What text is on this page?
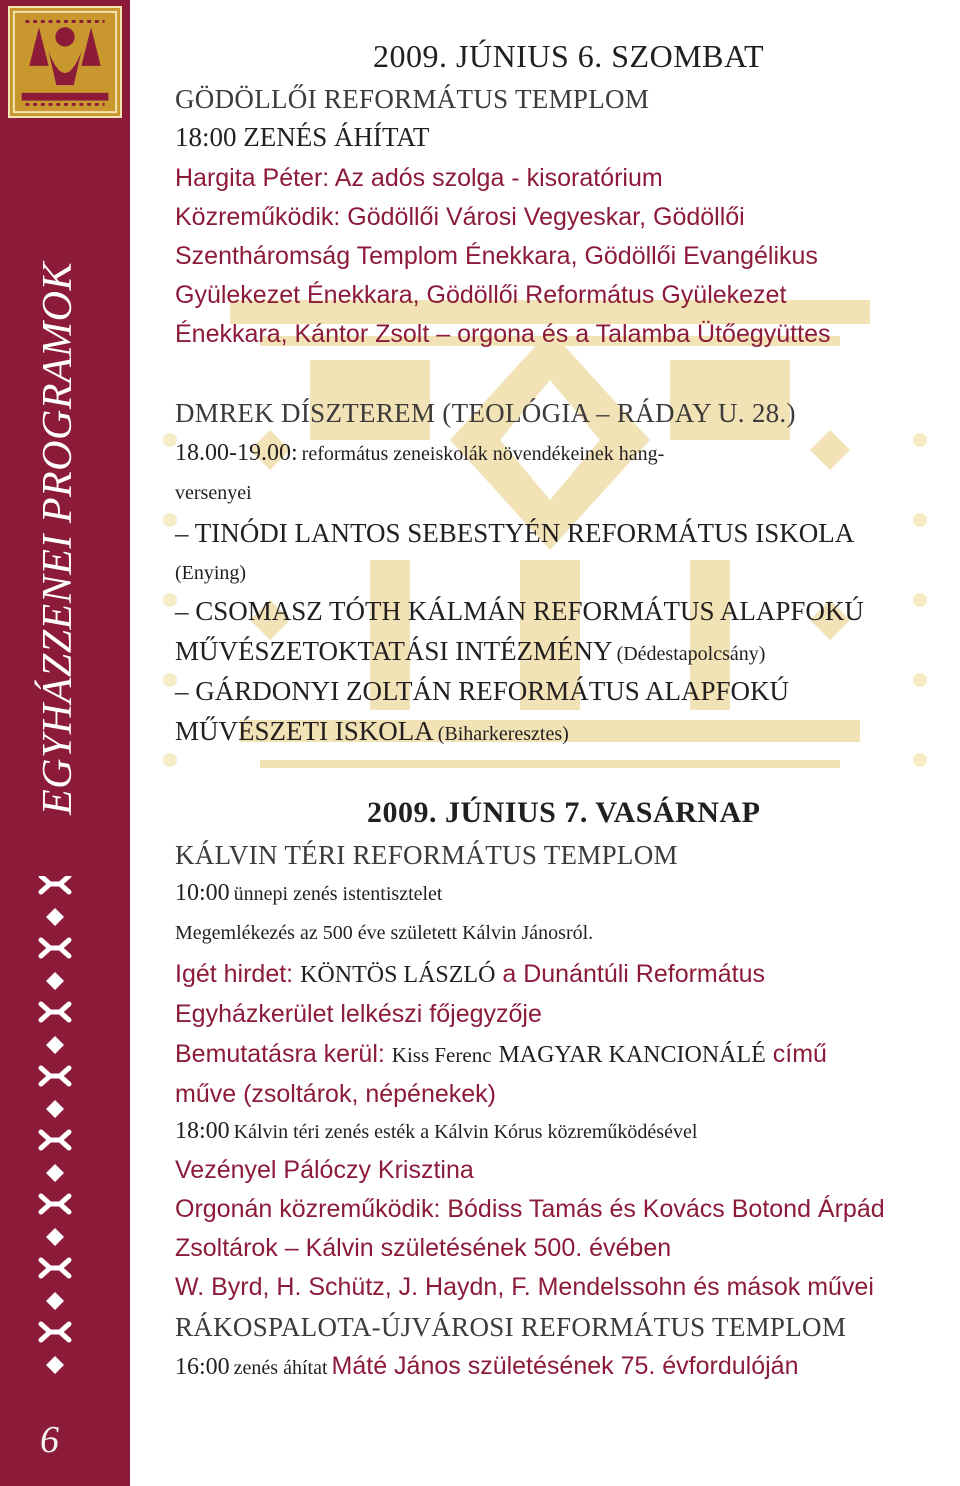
EGYHÁZZENEI PROGRAMOK
6
2009. JÚNIUS 6. SZOMBAT
GÖDÖLLŐI REFORMÁTUS TEMPLOM
18:00 ZENÉS ÁHÍTAT
Hargita Péter: Az adós szolga - kisoratórium
Közreműködik: Gödöllői Városi Vegyeskar, Gödöllői
Szentháromság Templom Énekkara, Gödöllői Evangélikus
Gyülekezet Énekkara, Gödöllői Református Gyülekezet
Énekkara, Kántor Zsolt – orgona és a Talamba Ütőegyüttes
DMREK DÍSZTEREM (TEOLÓGIA – RÁDAY U. 28.)
18.00-19.00: református zeneiskolák növendékeinek hang-
versenyei
– TINÓDI LANTOS SEBESTYÉN REFORMÁTUS ISKOLA
(Enying)
– CSOMASZ TÓTH KÁLMÁN REFORMÁTUS ALAPFOKÚ
MŰVÉSZETOKTATÁSI INTÉZMÉNY (Dédestapolcsány)
– GÁRDONYI ZOLTÁN REFORMÁTUS ALAPFOKÚ
MŰVÉSZETI ISKOLA (Biharkeresztes)
2009. JÚNIUS 7. VASÁRNAP
KÁLVIN TÉRI REFORMÁTUS TEMPLOM
10:00 ünnepi zenés istentisztelet
Megemlékezés az 500 éve született Kálvin Jánosról.
Igét hirdet: KÖNTÖS LÁSZLÓ a Dunántúli Református
Egyházkerület lelkészi főjegyzője
Bemutatásra kerül: Kiss Ferenc MAGYAR KANCIONÁLÉ című
műve (zsoltárok, népénekek)
18:00 Kálvin téri zenés esték a Kálvin Kórus közreműködésével
Vezényel Pálóczy Krisztina
Orgonán közreműködik: Bódiss Tamás és Kovács Botond Árpád
Zsoltárok – Kálvin születésének 500. évében
W. Byrd, H. Schütz, J. Haydn, F. Mendelssohn és mások művei
RÁKOSPALOTA-ÚJVÁROSI REFORMÁTUS TEMPLOM
16:00 zenés áhítat Máté János születésének 75. évfordulóján
